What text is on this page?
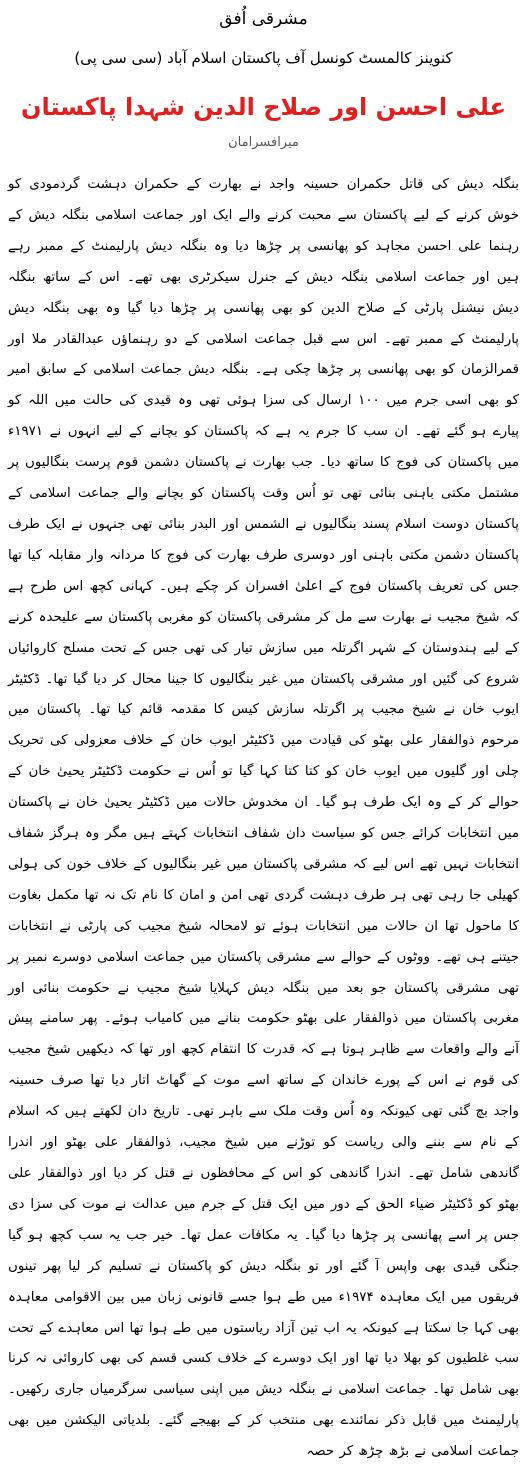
مشرقی اُفق
کنوینز کالمسٹ کونسل آف پاکستان اسلام آباد (سی سی پی)
علی احسن اور صلاح الدین شہدا پاکستان
میرافسرامان

بنگلہ دیش کی قاتل حکمران حسینہ واجد نے بھارت کے حکمران دہشت گردمودی کو خوش کرنے کے لیے پاکستان سے محبت کرنے والے ایک اور جماعت اسلامی بنگلہ دیش کے رہنما علی احسن مجاہد کو پھانسی پر چڑھا دیا وہ بنگلہ دیش پارلیمنٹ کے ممبر رہے ہیں اور جماعت اسلامی بنگلہ دیش کے جنرل سیکرٹری بھی تھے۔ اس کے ساتھ بنگلہ دیش نیشنل پارٹی کے صلاح الدین کو بھی پھانسی پر چڑھا دیا گیا وہ بھی بنگلہ دیش پارلیمنٹ کے ممبر تھے۔ اس سے قبل جماعت اسلامی کے دو رہنماؤں عبدالقادر ملا اور قمرالزمان کو بھی پھانسی پر چڑھا چکی ہے۔ بنگلہ دیش جماعت اسلامی کے سابق امیر کو بھی اسی جرم میں ۱۰۰ ارسال کی سزا ہوئی تھی وہ قیدی کی حالت میں اللہ کو پیارے ہو گئے تھے۔ ان سب کا جرم یہ ہے کہ پاکستان کو بچانے کے لیے انہوں نے ۱۹۷۱ء میں پاکستان کی فوج کا ساتھ دیا۔ جب بھارت نے پاکستان دشمن قوم پرست بنگالیوں پر مشتمل مکتی باہنی بنائی تھی تو اُس وقت پاکستان کو بچانے والے جماعت اسلامی کے پاکستان دوست اسلام پسند بنگالیوں نے الشمس اور البدر بنائی تھی جنہوں نے ایک طرف پاکستان دشمن مکتی باہنی اور دوسری طرف بھارت کی فوج کا مردانہ وار مقابلہ کیا تھا جس کی تعریف پاکستان فوج کے اعلیٰ افسران کر چکے ہیں۔ کہانی کچھ اس طرح ہے کہ شیخ مجیب نے بھارت سے مل کر مشرقی پاکستان کو مغربی پاکستان سے علیحدہ کرنے کے لیے ہندوستان کے شہر اگرتلہ میں سازش تیار کی تھی جس کے تحت مسلح کاروائیاں شروع کی گئیں اور مشرقی پاکستان میں غیر بنگالیوں کا جینا محال کر دیا گیا تھا۔ ڈکٹیٹر ایوب خان نے شیخ مجیب پر اگرتلہ سازش کیس کا مقدمہ قائم کیا تھا۔ پاکستان میں مرحوم ذوالفقار علی بھٹو کی قیادت میں ڈکٹیٹر ایوب خان کے خلاف معزولی کی تحریک چلی اور گلیوں میں ایوب خان کو کتا کتا کہا گیا تو اُس نے حکومت ڈکٹیٹر یحییٰ خان کے حوالے کر کے وہ ایک طرف ہو گیا۔ ان مخدوش حالات میں ڈکٹیٹر یحییٰ خان نے پاکستان میں انتخابات کرائے جس کو سیاست دان شفاف انتخابات کہتے ہیں مگر وہ ہرگز شفاف انتخابات نہیں تھے اس لیے کہ مشرقی پاکستان میں غیر بنگالیوں کے خلاف خون کی ہولی کھیلی جا رہی تھی ہر طرف دہشت گردی تھی امن و امان کا نام تک نہ تھا مکمل بغاوت کا ماحول تھا ان حالات میں انتخابات ہوئے تو لامحالہ شیخ مجیب کی پارٹی نے انتخابات جیتنے ہی تھے۔ ووٹوں کے حوالے سے مشرقی پاکستان میں جماعت اسلامی دوسرے نمبر پر تھی مشرقی پاکستان جو بعد میں بنگلہ دیش کہلایا شیخ مجیب نے حکومت بنائی اور مغربی پاکستان میں ذوالفقار علی بھٹو حکومت بنانے میں کامیاب ہوئے۔ پھر سامنے پیش آنے والے واقعات سے ظاہر ہوتا ہے کہ قدرت کا انتقام کچھ اور تھا کہ دیکھیں شیخ مجیب کی قوم نے اس کے پورے خاندان کے ساتھ اسے موت کے گھاٹ اتار دیا تھا صرف حسینہ واجد بچ گئی تھی کیونکہ وہ اُس وقت ملک سے باہر تھی۔ تاریخ دان لکھتے ہیں کہ اسلام کے نام سے بننے والی ریاست کو توڑنے میں شیخ مجیب، ذوالفقار علی بھٹو اور اندرا گاندھی شامل تھے۔ اندرا گاندھی کو اس کے محافظوں نے قتل کر دیا اور ذوالفقار علی بھٹو کو ڈکٹیٹر ضیاء الحق کے دور میں ایک قتل کے جرم میں عدالت نے موت کی سزا دی جس پر اسے پھانسی پر چڑھا دیا گیا۔ یہ مکافات عمل تھا۔ خیر جب یہ سب کچھ ہو گیا جنگی قیدی بھی واپس آ گئے اور تو بنگلہ دیش کو پاکستان نے تسلیم کر لیا پھر تینوں فریقوں میں ایک معاہدہ ۱۹۷۴ء میں طے ہوا جسے قانونی زبان میں بین الاقوامی معاہدہ بھی کہا جا سکتا ہے کیونکہ یہ اب تین آزاد ریاستوں میں طے ہوا تھا اس معاہدے کے تحت سب غلطیوں کو بھلا دیا تھا اور ایک دوسرے کے خلاف کسی قسم کی بھی کاروائی نہ کرنا بھی شامل تھا۔ جماعت اسلامی نے بنگلہ دیش میں اپنی سیاسی سرگرمیاں جاری رکھیں۔ پارلیمنٹ میں قابل ذکر نمائندے بھی منتخب کر کے بھیجے گئے۔ بلدیاتی الیکشن میں بھی جماعت اسلامی نے بڑھ چڑھ کر حصہ
